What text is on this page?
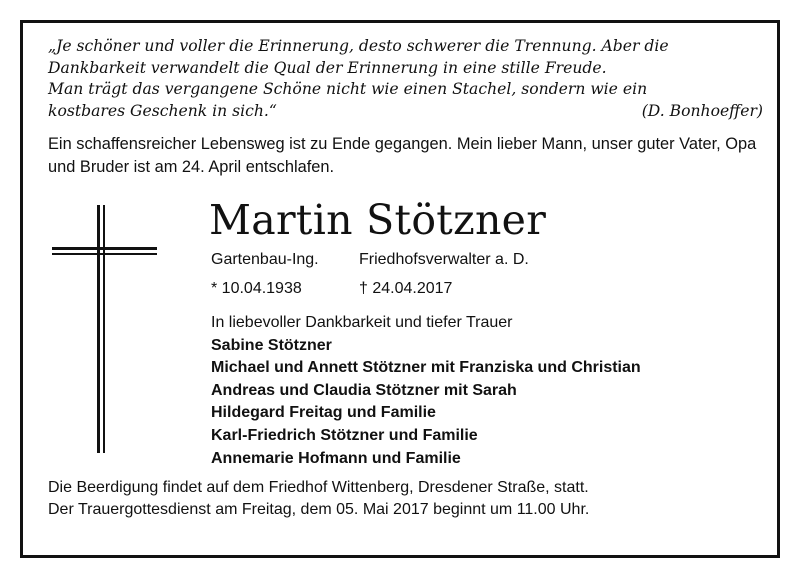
„Je schöner und voller die Erinnerung, desto schwerer die Trennung. Aber die
Dankbarkeit verwandelt die Qual der Erinnerung in eine stille Freude.
Man trägt das vergangene Schöne nicht wie einen Stachel, sondern wie ein
kostbares Geschenk in sich.“	(D. Bonhoeffer)
Ein schaffensreicher Lebensweg ist zu Ende gegangen. Mein lieber Mann, unser guter Vater, Opa und Bruder ist am 24. April entschlafen.
Martin Stötzner
Gartenbau-Ing.	Friedhofsverwalter a. D.
* 10.04.1938	† 24.04.2017
In liebevoller Dankbarkeit und tiefer Trauer
Sabine Stötzner
Michael und Annett Stötzner mit Franziska und Christian
Andreas und Claudia Stötzner mit Sarah
Hildegard Freitag und Familie
Karl-Friedrich Stötzner und Familie
Annemarie Hofmann und Familie
Die Beerdigung findet auf dem Friedhof Wittenberg, Dresdener Straße, statt.
Der Trauergottesdienst am Freitag, dem 05. Mai 2017 beginnt um 11.00 Uhr.
